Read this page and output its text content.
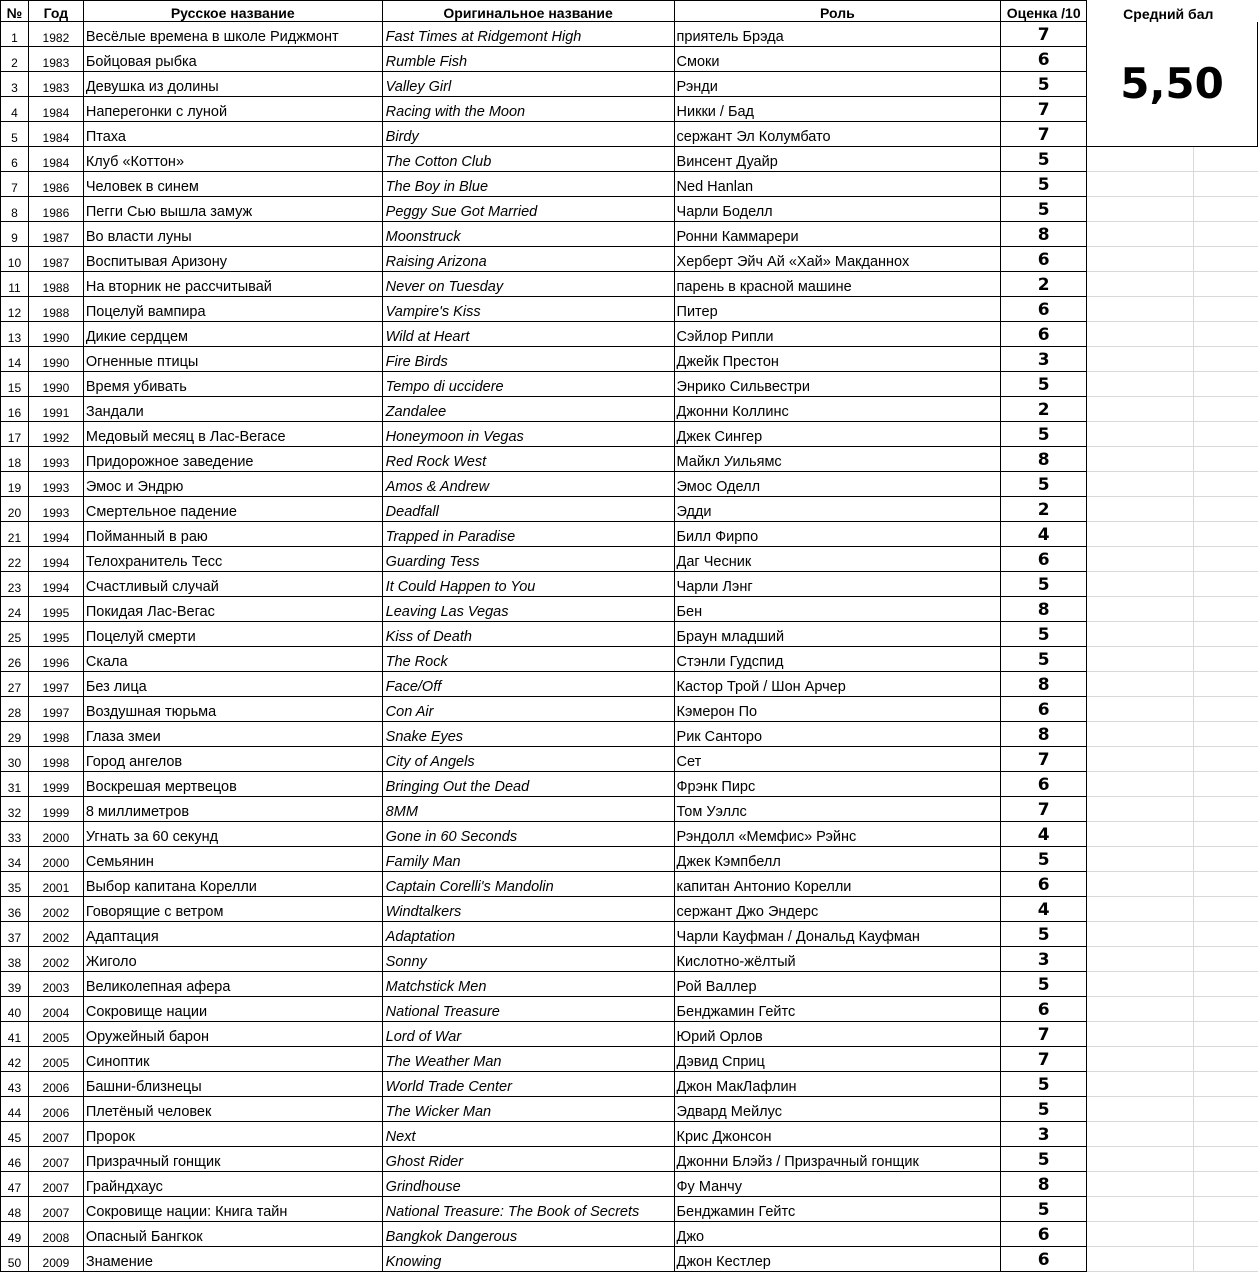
№	Год	Русское название	Оригинальное название	Роль	Оценка /10	Средний бал	
1	1982	Весёлые времена в школе Риджмонт	Fast Times at Ridgemont High	приятель Брэда	7	5,50	
2	1983	Бойцовая рыбка	Rumble Fish	Смоки	6		
3	1983	Девушка из долины	Valley Girl	Рэнди	5		
4	1984	Наперегонки с луной	Racing with the Moon	Никки / Бад	7		
5	1984	Птаха	Birdy	сержант Эл Колумбато	7		
6	1984	Клуб «Коттон»	The Cotton Club	Винсент Дуайр	5		
7	1986	Человек в синем	The Boy in Blue	Ned Hanlan	5		
8	1986	Пегги Сью вышла замуж	Peggy Sue Got Married	Чарли Боделл	5		
9	1987	Во власти луны	Moonstruck	Ронни Каммарери	8		
10	1987	Воспитывая Аризону	Raising Arizona	Херберт Эйч Ай «Хай» Макданнох	6		
11	1988	На вторник не рассчитывай	Never on Tuesday	парень в красной машине	2		
12	1988	Поцелуй вампира	Vampire's Kiss	Питер	6		
13	1990	Дикие сердцем	Wild at Heart	Сэйлор Рипли	6		
14	1990	Огненные птицы	Fire Birds	Джейк Престон	3		
15	1990	Время убивать	Tempo di uccidere	Энрико Сильвестри	5		
16	1991	Зандали	Zandalee	Джонни Коллинс	2		
17	1992	Медовый месяц в Лас-Вегасе	Honeymoon in Vegas	Джек Сингер	5		
18	1993	Придорожное заведение	Red Rock West	Майкл Уильямс	8		
19	1993	Эмос и Эндрю	Amos & Andrew	Эмос Оделл	5		
20	1993	Смертельное падение	Deadfall	Эдди	2		
21	1994	Пойманный в раю	Trapped in Paradise	Билл Фирпо	4		
22	1994	Телохранитель Тесс	Guarding Tess	Даг Чесник	6		
23	1994	Счастливый случай	It Could Happen to You	Чарли Лэнг	5		
24	1995	Покидая Лас-Вегас	Leaving Las Vegas	Бен	8		
25	1995	Поцелуй смерти	Kiss of Death	Браун младший	5		
26	1996	Скала	The Rock	Стэнли Гудспид	5		
27	1997	Без лица	Face/Off	Кастор Трой / Шон Арчер	8		
28	1997	Воздушная тюрьма	Con Air	Кэмерон По	6		
29	1998	Глаза змеи	Snake Eyes	Рик Санторо	8		
30	1998	Город ангелов	City of Angels	Сет	7		
31	1999	Воскрешая мертвецов	Bringing Out the Dead	Фрэнк Пирс	6		
32	1999	8 миллиметров	8MM	Том Уэллс	7		
33	2000	Угнать за 60 секунд	Gone in 60 Seconds	Рэндолл «Мемфис» Рэйнс	4		
34	2000	Семьянин	Family Man	Джек Кэмпбелл	5		
35	2001	Выбор капитана Корелли	Captain Corelli's Mandolin	капитан Антонио Корелли	6		
36	2002	Говорящие с ветром	Windtalkers	сержант Джо Эндерс	4		
37	2002	Адаптация	Adaptation	Чарли Кауфман / Дональд Кауфман	5		
38	2002	Жиголо	Sonny	Кислотно-жёлтый	3		
39	2003	Великолепная афера	Matchstick Men	Рой Валлер	5		
40	2004	Сокровище нации	National Treasure	Бенджамин Гейтс	6		
41	2005	Оружейный барон	Lord of War	Юрий Орлов	7		
42	2005	Синоптик	The Weather Man	Дэвид Сприц	7		
43	2006	Башни-близнецы	World Trade Center	Джон МакЛафлин	5		
44	2006	Плетёный человек	The Wicker Man	Эдвард Мейлус	5		
45	2007	Пророк	Next	Крис Джонсон	3		
46	2007	Призрачный гонщик	Ghost Rider	Джонни Блэйз / Призрачный гонщик	5		
47	2007	Грайндхаус	Grindhouse	Фу Манчу	8		
48	2007	Сокровище нации: Книга тайн	National Treasure: The Book of Secrets	Бенджамин Гейтс	5		
49	2008	Опасный Бангкок	Bangkok Dangerous	Джо	6		
50	2009	Знамение	Knowing	Джон Кестлер	6		
